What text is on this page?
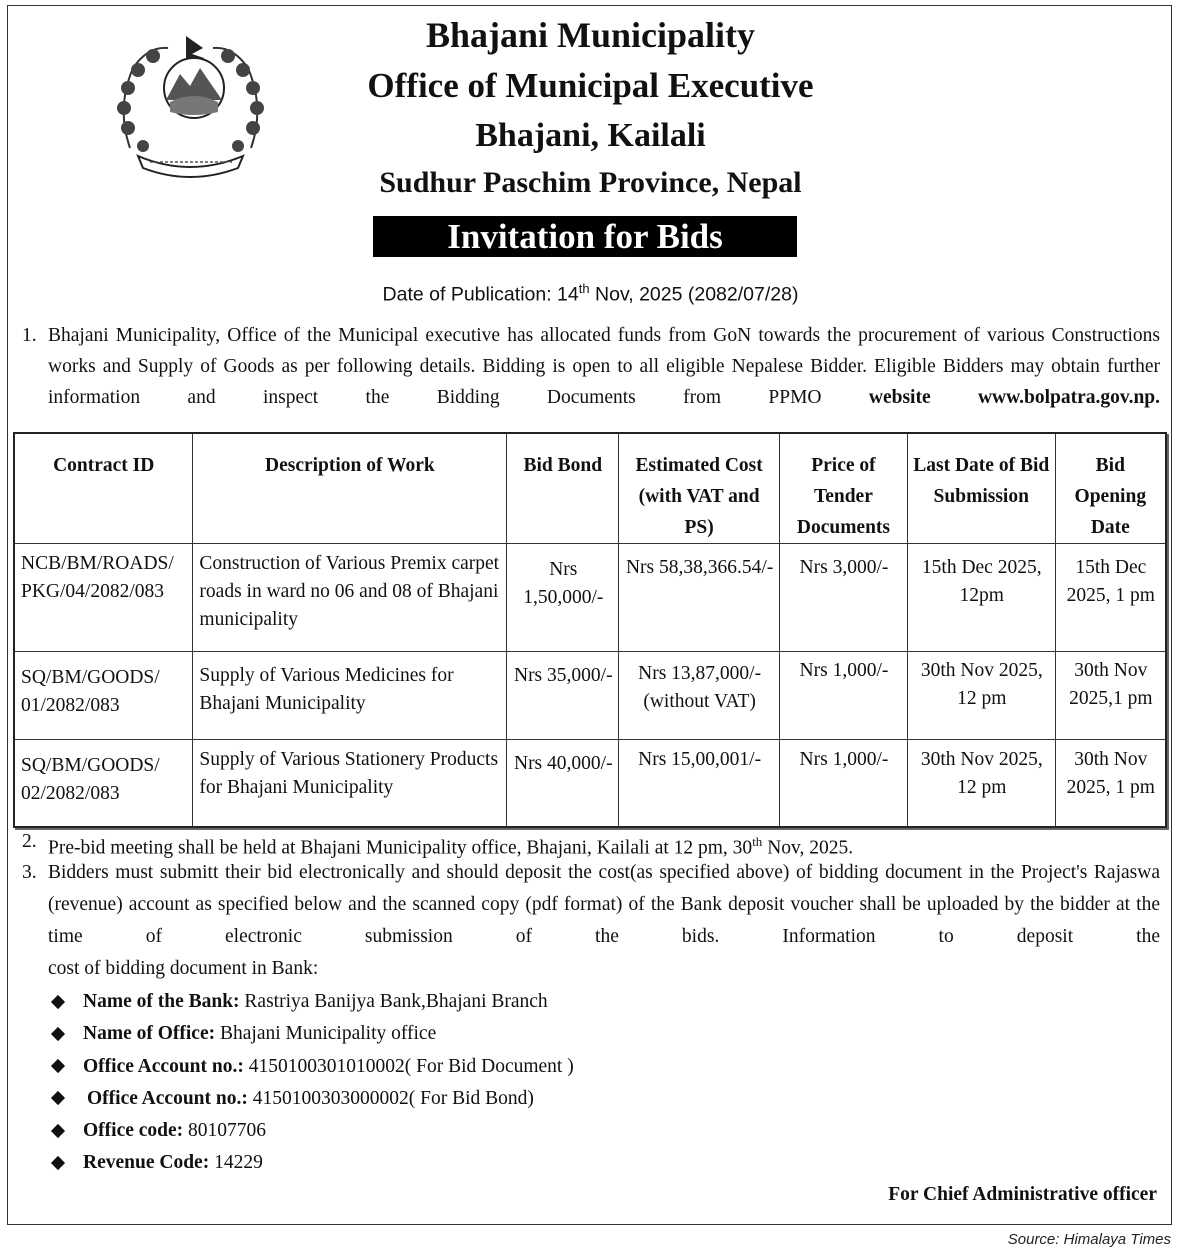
Bhajani Municipality
Office of Municipal Executive
Bhajani, Kailali
Sudhur Paschim Province, Nepal
Invitation for Bids
Date of Publication: 14th Nov, 2025 (2082/07/28)
1. Bhajani Municipality, Office of the Municipal executive has allocated funds from GoN towards the procurement of various Constructions works and Supply of Goods as per following details. Bidding is open to all eligible Nepalese Bidder. Eligible Bidders may obtain further information and inspect the Bidding Documents from PPMO website www.bolpatra.gov.np.
Contract ID	Description of Work	Bid Bond	Estimated Cost (with VAT and PS)	Price of Tender Documents	Last Date of Bid Submission	Bid Opening Date
NCB/BM/ROADS/ PKG/04/2082/083	Construction of Various Premix carpet roads in ward no 06 and 08 of Bhajani municipality	Nrs 1,50,000/-	Nrs 58,38,366.54/-	Nrs 3,000/-	15th Dec 2025, 12pm	15th Dec 2025, 1 pm
SQ/BM/GOODS/ 01/2082/083	Supply of Various Medicines for Bhajani Municipality	Nrs 35,000/-	Nrs 13,87,000/- (without VAT)	Nrs 1,000/-	30th Nov 2025, 12 pm	30th Nov 2025,1 pm
SQ/BM/GOODS/ 02/2082/083	Supply of Various Stationery Products for Bhajani Municipality	Nrs 40,000/-	Nrs 15,00,001/-	Nrs 1,000/-	30th Nov 2025, 12 pm	30th Nov 2025, 1 pm
2. Pre-bid meeting shall be held at Bhajani Municipality office, Bhajani, Kailali at 12 pm, 30th Nov, 2025.
3. Bidders must submitt their bid electronically and should deposit the cost(as specified above) of bidding document in the Project's Rajaswa (revenue) account as specified below and the scanned copy (pdf format) of the Bank deposit voucher shall be uploaded by the bidder at the time of electronic submission of the bids. Information to deposit the
cost of bidding document in Bank:
Name of the Bank: Rastriya Banijya Bank,Bhajani Branch
Name of Office: Bhajani Municipality office
Office Account no.: 4150100301010002( For Bid Document )
Office Account no.: 4150100303000002( For Bid Bond)
Office code: 80107706
Revenue Code: 14229
For Chief Administrative officer
Source: Himalaya Times
